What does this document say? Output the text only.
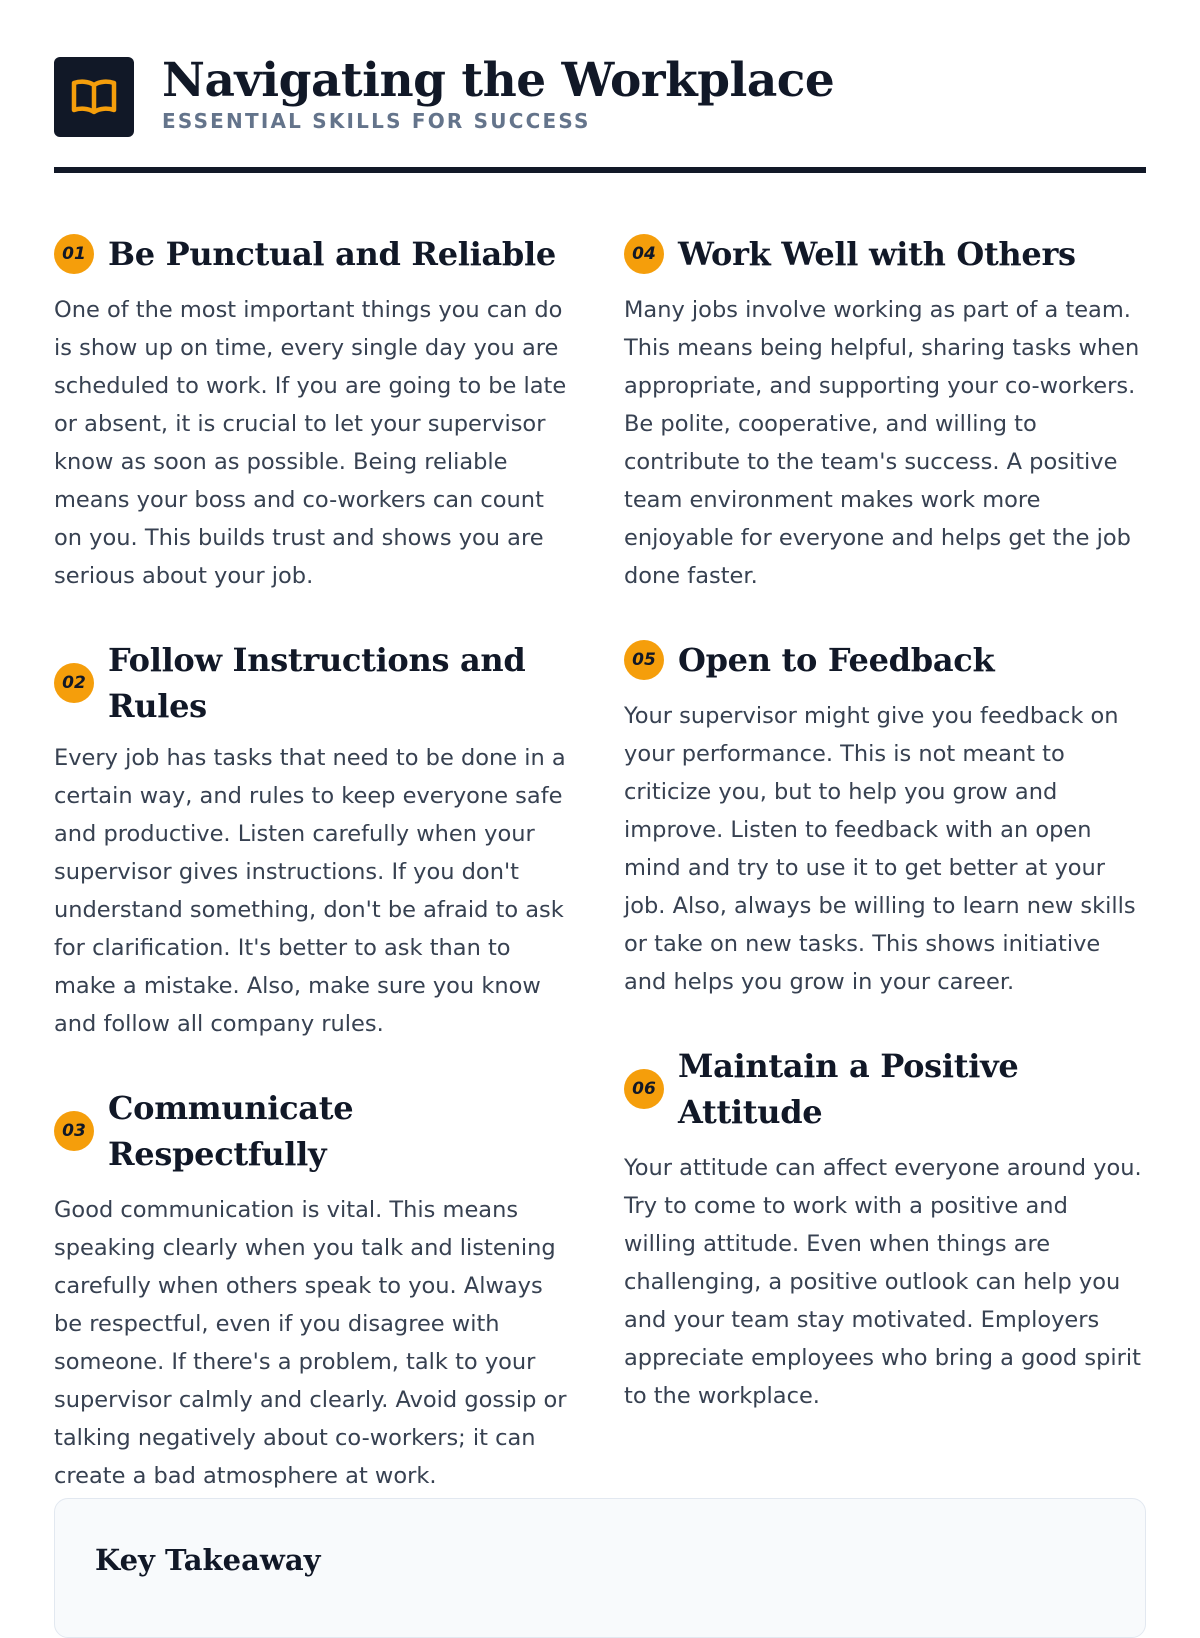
Navigating the Workplace
ESSENTIAL SKILLS FOR SUCCESS
01 Be Punctual and Reliable
One of the most important things you can do is show up on time, every single day you are scheduled to work. If you are going to be late or absent, it is crucial to let your supervisor know as soon as possible. Being reliable means your boss and co-workers can count on you. This builds trust and shows you are serious about your job.
02
Follow Instructions and Rules
Every job has tasks that need to be done in a certain way, and rules to keep everyone safe and productive. Listen carefully when your supervisor gives instructions. If you don't understand something, don't be afraid to ask for clarification. It's better to ask than to make a mistake. Also, make sure you know and follow all company rules.
03
Communicate Respectfully
Good communication is vital. This means speaking clearly when you talk and listening carefully when others speak to you. Always be respectful, even if you disagree with someone. If there's a problem, talk to your supervisor calmly and clearly. Avoid gossip or talking negatively about co-workers; it can create a bad atmosphere at work.
04 Work Well with Others
Many jobs involve working as part of a team. This means being helpful, sharing tasks when appropriate, and supporting your co-workers. Be polite, cooperative, and willing to contribute to the team's success. A positive team environment makes work more enjoyable for everyone and helps get the job done faster.
05 Open to Feedback
Your supervisor might give you feedback on your performance. This is not meant to criticize you, but to help you grow and improve. Listen to feedback with an open mind and try to use it to get better at your job. Also, always be willing to learn new skills or take on new tasks. This shows initiative and helps you grow in your career.
06
Maintain a Positive Attitude
Your attitude can affect everyone around you. Try to come to work with a positive and willing attitude. Even when things are challenging, a positive outlook can help you and your team stay motivated. Employers appreciate employees who bring a good spirit to the workplace.
Key Takeaway
